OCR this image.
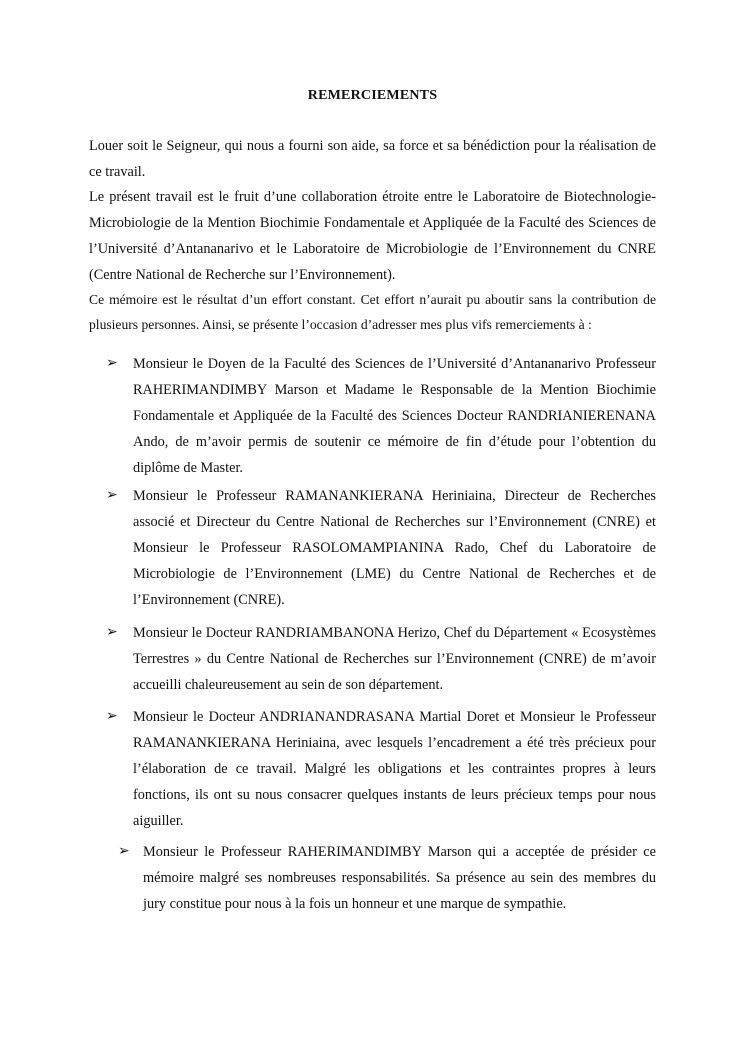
REMERCIEMENTS
Louer soit le Seigneur, qui nous a fourni son aide, sa force et sa bénédiction pour la réalisation de ce travail.
Le présent travail est le fruit d’une collaboration étroite entre le Laboratoire de Biotechnologie-Microbiologie de la Mention Biochimie Fondamentale et Appliquée de la Faculté des Sciences de l’Université d’Antananarivo et le Laboratoire de Microbiologie de l’Environnement du CNRE (Centre National de Recherche sur l’Environnement).
Ce mémoire est le résultat d’un effort constant. Cet effort n’aurait pu aboutir sans la contribution de plusieurs personnes. Ainsi, se présente l’occasion d’adresser mes plus vifs remerciements à :
➢	Monsieur le Doyen de la Faculté des Sciences de l’Université d’Antananarivo Professeur RAHERIMANDIMBY Marson et Madame le Responsable de la Mention Biochimie Fondamentale et Appliquée de la Faculté des Sciences Docteur RANDRIANIERENANA Ando, de m’avoir permis de soutenir ce mémoire de fin d’étude pour l’obtention du diplôme de Master.
➢	Monsieur le Professeur RAMANANKIERANA Heriniaina, Directeur de Recherches associé et Directeur du Centre National de Recherches sur l’Environnement (CNRE) et Monsieur le Professeur RASOLOMAMPIANINA Rado, Chef du Laboratoire de Microbiologie de l’Environnement (LME) du Centre National de Recherches et de l’Environnement (CNRE).
➢	Monsieur le Docteur RANDRIAMBANONA Herizo, Chef du Département « Ecosystèmes Terrestres » du Centre National de Recherches sur l’Environnement (CNRE) de m’avoir accueilli chaleureusement au sein de son département.
➢	Monsieur le Docteur ANDRIANANDRASANA Martial Doret et Monsieur le Professeur RAMANANKIERANA Heriniaina, avec lesquels l’encadrement a été très précieux pour l’élaboration de ce travail. Malgré les obligations et les contraintes propres à leurs fonctions, ils ont su nous consacrer quelques instants de leurs précieux temps pour nous aiguiller.
➢ Monsieur le Professeur RAHERIMANDIMBY Marson qui a acceptée de présider ce mémoire malgré ses nombreuses responsabilités. Sa présence au sein des membres du jury constitue pour nous à la fois un honneur et une marque de sympathie.
